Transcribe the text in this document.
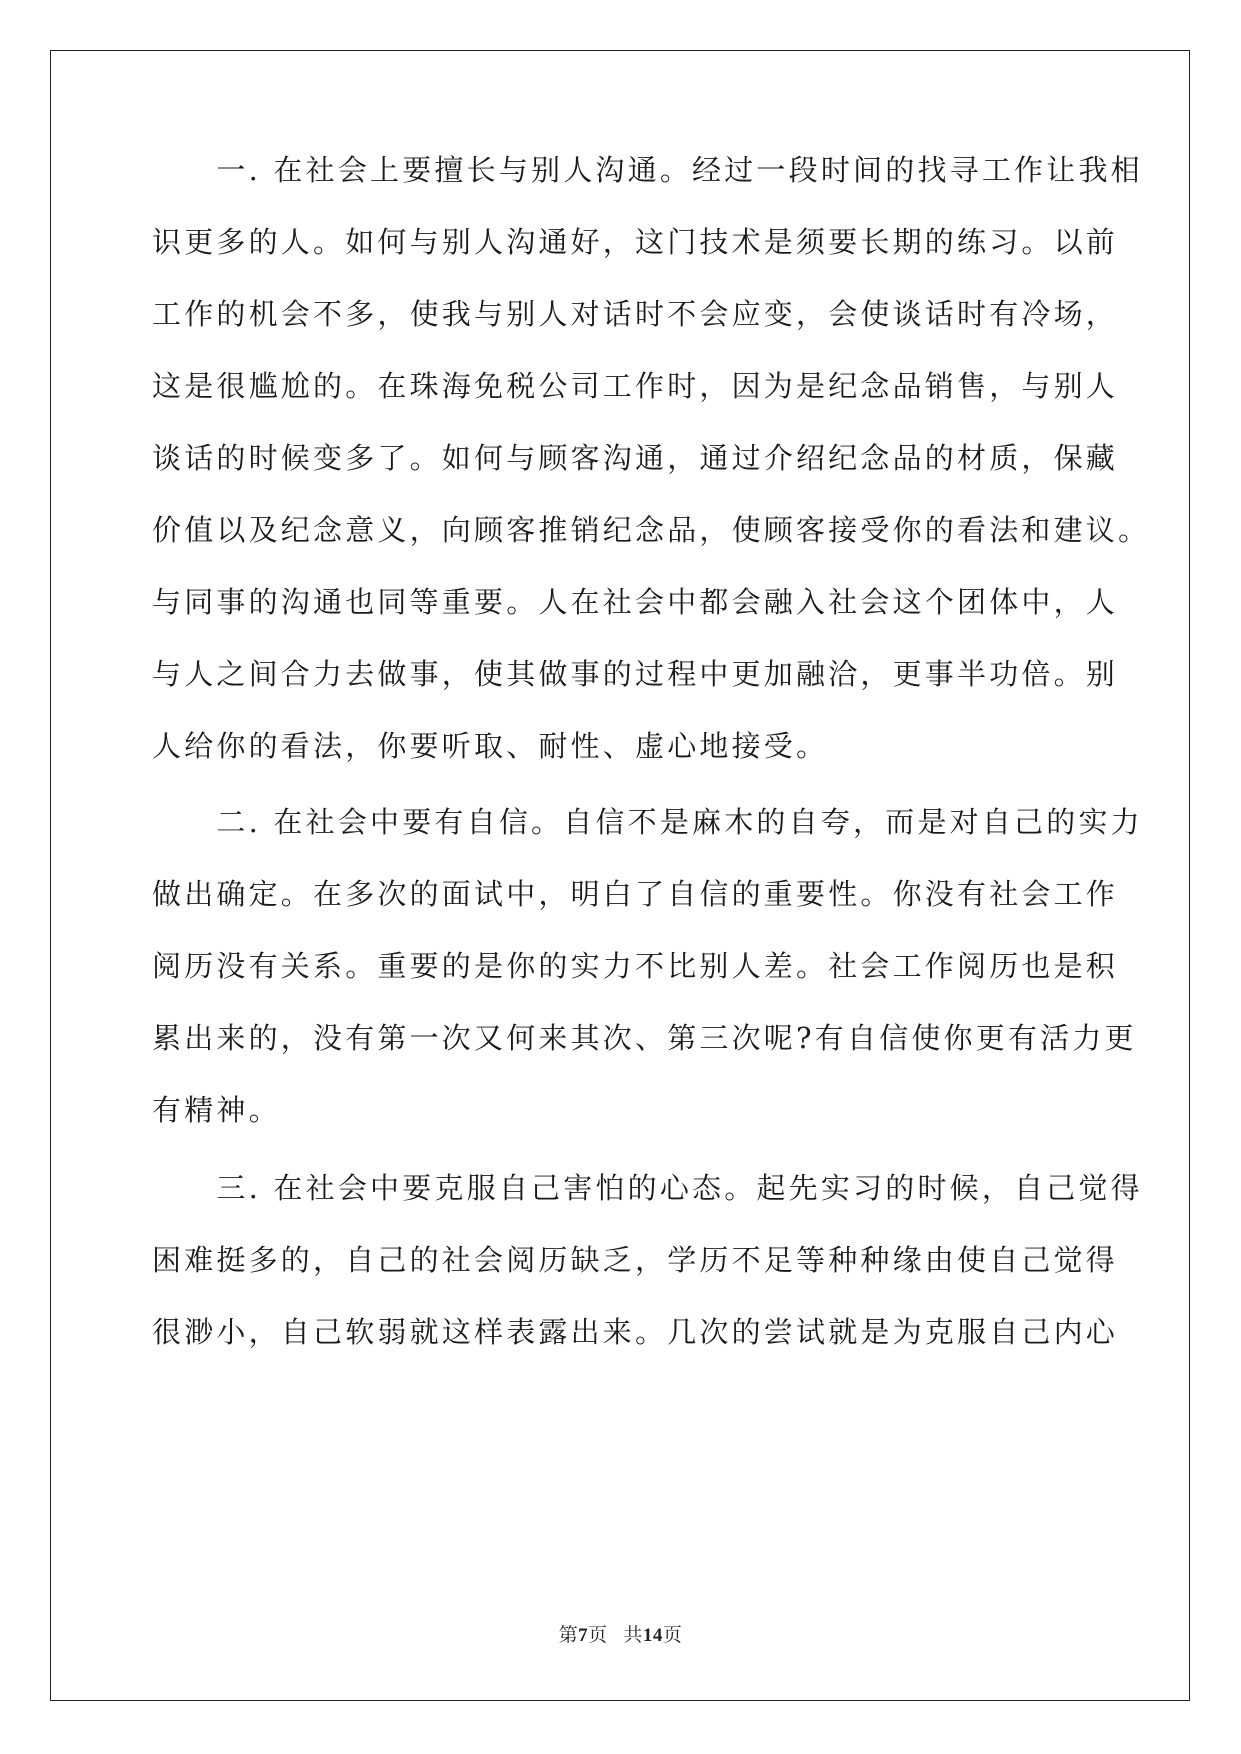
　　一. 在社会上要擅长与别人沟通。经过一段时间的找寻工作让我相
识更多的人。如何与别人沟通好，这门技术是须要长期的练习。以前
工作的机会不多，使我与别人对话时不会应变，会使谈话时有冷场，
这是很尴尬的。在珠海免税公司工作时，因为是纪念品销售，与别人
谈话的时候变多了。如何与顾客沟通，通过介绍纪念品的材质，保藏
价值以及纪念意义，向顾客推销纪念品，使顾客接受你的看法和建议。
与同事的沟通也同等重要。人在社会中都会融入社会这个团体中，人
与人之间合力去做事，使其做事的过程中更加融洽，更事半功倍。别
人给你的看法，你要听取、耐性、虚心地接受。
　　二. 在社会中要有自信。自信不是麻木的自夸，而是对自己的实力
做出确定。在多次的面试中，明白了自信的重要性。你没有社会工作
阅历没有关系。重要的是你的实力不比别人差。社会工作阅历也是积
累出来的，没有第一次又何来其次、第三次呢?有自信使你更有活力更
有精神。
　　三. 在社会中要克服自己害怕的心态。起先实习的时候，自己觉得
困难挺多的，自己的社会阅历缺乏，学历不足等种种缘由使自己觉得
很渺小，自己软弱就这样表露出来。几次的尝试就是为克服自己内心
第7页 共14页
